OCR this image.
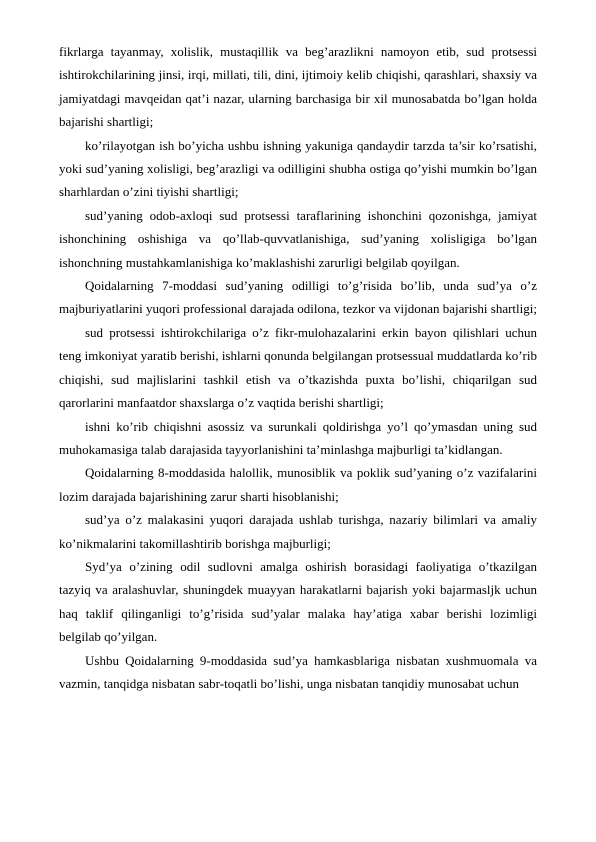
fikrlarga tayanmay, xolislik, mustaqillik va beg’arazlikni namoyon etib, sud protsessi ishtirokchilarining jinsi, irqi, millati, tili, dini, ijtimoiy kelib chiqishi, qarashlari, shaxsiy va jamiyatdagi mavqeidan qat’i nazar, ularning barchasiga bir xil munosabatda bo’lgan holda bajarishi shartligi;

ko’rilayotgan ish bo’yicha ushbu ishning yakuniga qandaydir tarzda ta’sir ko’rsatishi, yoki sud’yaning xolisligi, beg’arazligi va odilligini shubha ostiga qo’yishi mumkin bo’lgan sharhlardan o’zini tiyishi shartligi;

sud’yaning odob-axloqi sud protsessi taraflarining ishonchini qozonishga, jamiyat ishonchining oshishiga va qo’llab-quvvatlanishiga, sud’yaning xolisligiga bo’lgan ishonchning mustahkamlanishiga ko’maklashishi zarurligi belgilab qoyilgan.

Qoidalarning 7-moddasi sud’yaning odilligi to’g’risida bo’lib, unda sud’ya o’z majburiyatlarini yuqori professional darajada odilona, tezkor va vijdonan bajarishi shartligi;

sud protsessi ishtirokchilariga o’z fikr-mulohazalarini erkin bayon qilishlari uchun teng imkoniyat yaratib berishi, ishlarni qonunda belgilangan protsessual muddatlarda ko’rib chiqishi, sud majlislarini tashkil etish va o’tkazishda puxta bo’lishi, chiqarilgan sud qarorlarini manfaatdor shaxslarga o’z vaqtida berishi shartligi;

ishni ko’rib chiqishni asossiz va surunkali qoldirishga yo’l qo’ymasdan uning sud muhokamasiga talab darajasida tayyorlanishini ta’minlashga majburligi ta’kidlangan.

Qoidalarning 8-moddasida halollik, munosiblik va poklik sud’yaning o’z vazifalarini lozim darajada bajarishining zarur sharti hisoblanishi;

sud’ya o’z malakasini yuqori darajada ushlab turishga, nazariy bilimlari va amaliy ko’nikmalarini takomillashtirib borishga majburligi;

Syd’ya o’zining odil sudlovni amalga oshirish borasidagi faoliyatiga o’tkazilgan tazyiq va aralashuvlar, shuningdek muayyan harakatlarni bajarish yoki bajarmasljk uchun haq taklif qilinganligi to’g’risida sud’yalar malaka hay’atiga xabar berishi lozimligi belgilab qo’yilgan.

Ushbu Qoidalarning 9-moddasida sud’ya hamkasblariga nisbatan xushmuomala va vazmin, tanqidga nisbatan sabr-toqatli bo’lishi, unga nisbatan tanqidiy munosabat uchun
